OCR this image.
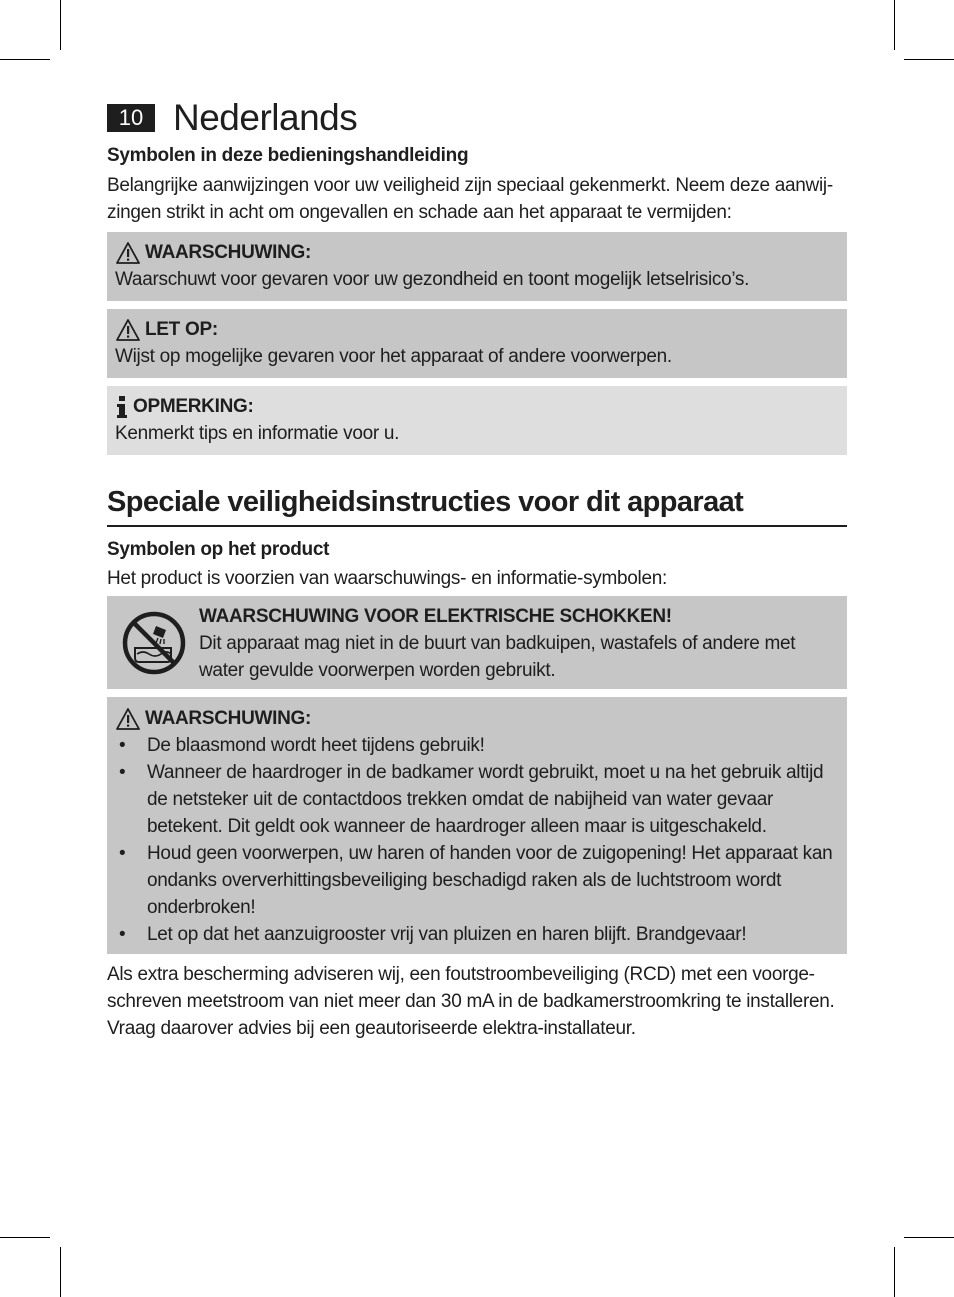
10 Nederlands
Symbolen in deze bedieningshandleiding
Belangrijke aanwijzingen voor uw veiligheid zijn speciaal gekenmerkt. Neem deze aanwij-zingen strikt in acht om ongevallen en schade aan het apparaat te vermijden:
WAARSCHUWING:
Waarschuwt voor gevaren voor uw gezondheid en toont mogelijk letselrisico’s.
LET OP:
Wijst op mogelijke gevaren voor het apparaat of andere voorwerpen.
OPMERKING:
Kenmerkt tips en informatie voor u.
Speciale veiligheidsinstructies voor dit apparaat
Symbolen op het product
Het product is voorzien van waarschuwings- en informatie-symbolen:
WAARSCHUWING VOOR ELEKTRISCHE SCHOKKEN!
Dit apparaat mag niet in de buurt van badkuipen, wastafels of andere met water gevulde voorwerpen worden gebruikt.
WAARSCHUWING:
• De blaasmond wordt heet tijdens gebruik!
• Wanneer de haardroger in de badkamer wordt gebruikt, moet u na het gebruik altijd de netsteker uit de contactdoos trekken omdat de nabijheid van water gevaar betekent. Dit geldt ook wanneer de haardroger alleen maar is uitgeschakeld.
• Houd geen voorwerpen, uw haren of handen voor de zuigopening! Het apparaat kan ondanks oververhittingsbeveiliging beschadigd raken als de luchtstroom wordt onderbroken!
• Let op dat het aanzuigrooster vrij van pluizen en haren blijft. Brandgevaar!
Als extra bescherming adviseren wij, een foutstroombeveiliging (RCD) met een voorge-schreven meetstroom van niet meer dan 30 mA in de badkamerstroomkring te installeren. Vraag daarover advies bij een geautoriseerde elektra-installateur.
